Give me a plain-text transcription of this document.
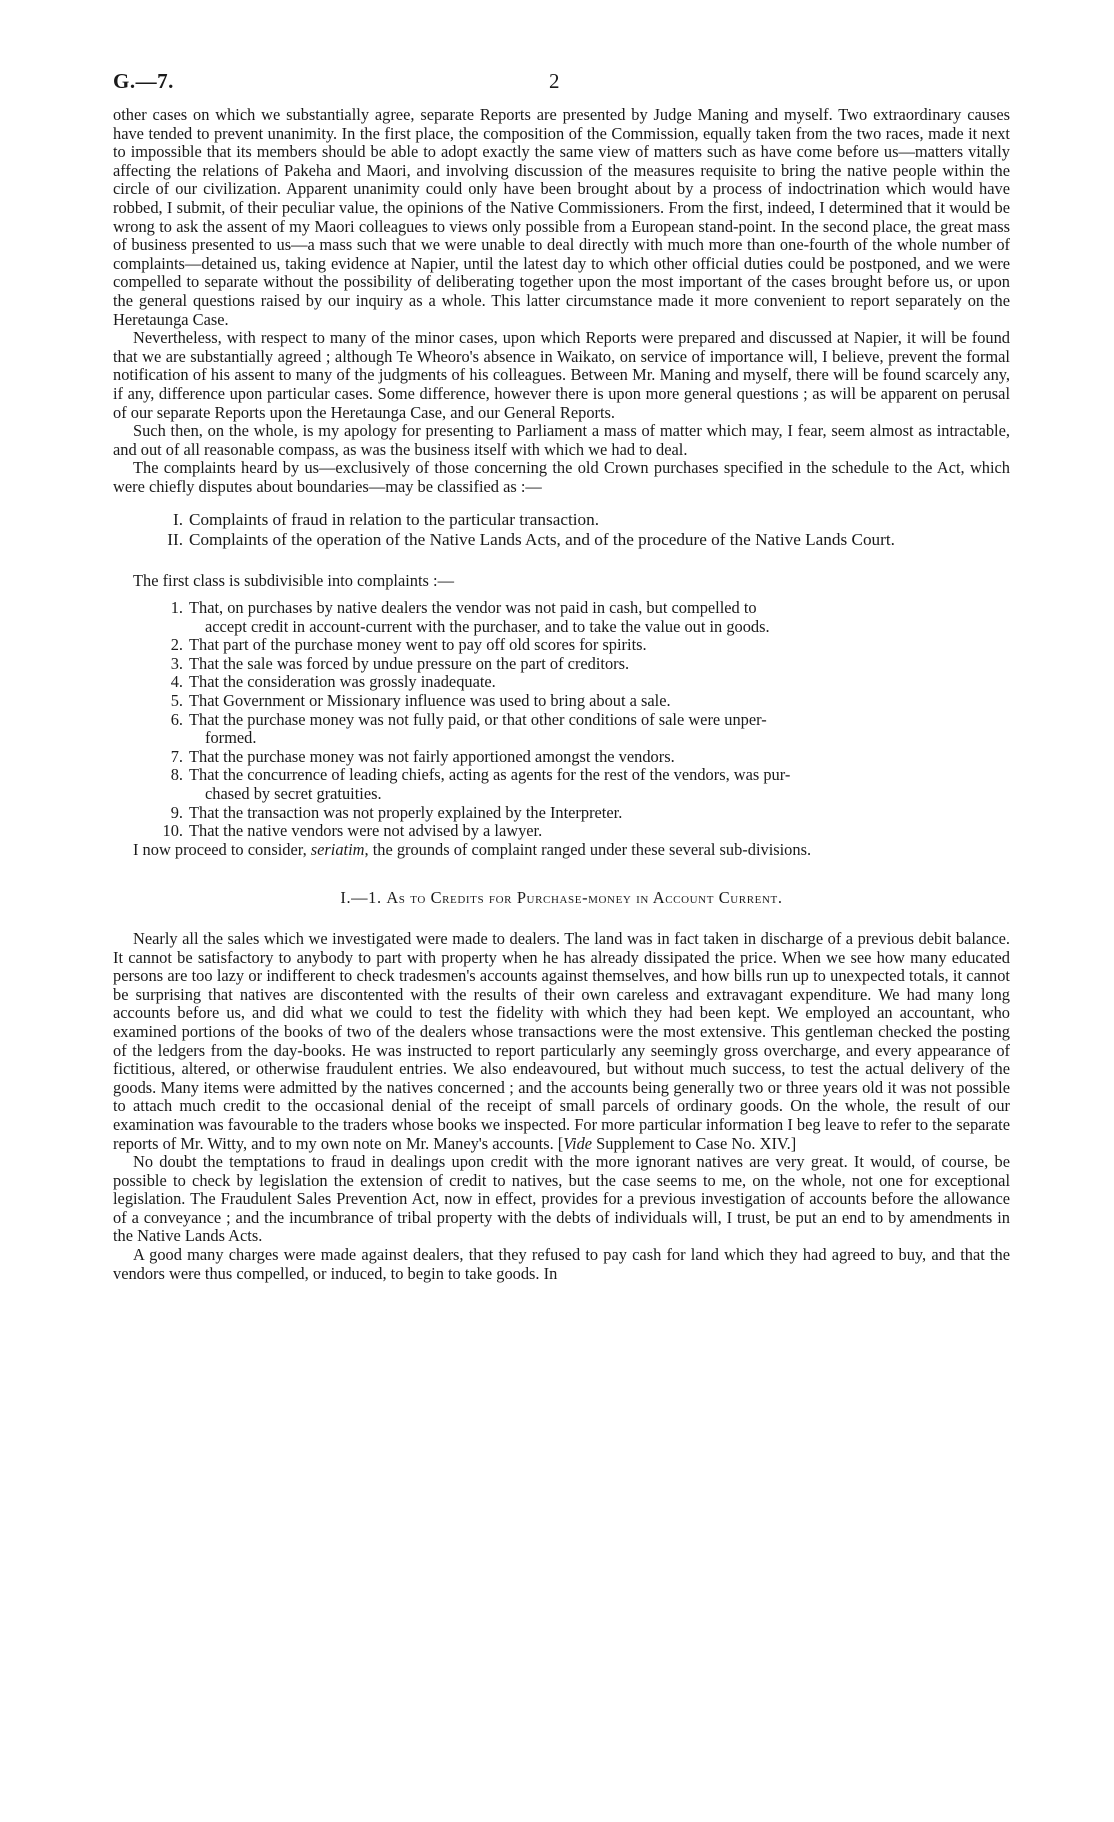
G.—7.	2

other cases on which we substantially agree, separate Reports are presented by Judge Maning and myself. Two extraordinary causes have tended to prevent unanimity. In the first place, the composition of the Commission, equally taken from the two races, made it next to impossible that its members should be able to adopt exactly the same view of matters such as have come before us—matters vitally affecting the relations of Pakeha and Maori, and involving discussion of the measures requisite to bring the native people within the circle of our civilization. Apparent unanimity could only have been brought about by a process of indoctrination which would have robbed, I submit, of their peculiar value, the opinions of the Native Commissioners. From the first, indeed, I determined that it would be wrong to ask the assent of my Maori colleagues to views only possible from a European stand-point. In the second place, the great mass of business presented to us—a mass such that we were unable to deal directly with much more than one-fourth of the whole number of complaints—detained us, taking evidence at Napier, until the latest day to which other official duties could be postponed, and we were compelled to separate without the possibility of deliberating together upon the most important of the cases brought before us, or upon the general questions raised by our inquiry as a whole. This latter circumstance made it more convenient to report separately on the Heretaunga Case.

Nevertheless, with respect to many of the minor cases, upon which Reports were prepared and discussed at Napier, it will be found that we are substantially agreed ; although Te Wheoro's absence in Waikato, on service of importance will, I believe, prevent the formal notification of his assent to many of the judgments of his colleagues. Between Mr. Maning and myself, there will be found scarcely any, if any, difference upon particular cases. Some difference, however there is upon more general questions ; as will be apparent on perusal of our separate Reports upon the Heretaunga Case, and our General Reports.

Such then, on the whole, is my apology for presenting to Parliament a mass of matter which may, I fear, seem almost as intractable, and out of all reasonable compass, as was the business itself with which we had to deal.

The complaints heard by us—exclusively of those concerning the old Crown purchases specified in the schedule to the Act, which were chiefly disputes about boundaries—may be classified as :—

I. Complaints of fraud in relation to the particular transaction.
II. Complaints of the operation of the Native Lands Acts, and of the procedure of the Native Lands Court.

The first class is subdivisible into complaints :—

1. That, on purchases by native dealers the vendor was not paid in cash, but compelled to
accept credit in account-current with the purchaser, and to take the value out in goods.
2. That part of the purchase money went to pay off old scores for spirits.
3. That the sale was forced by undue pressure on the part of creditors.
4. That the consideration was grossly inadequate.
5. That Government or Missionary influence was used to bring about a sale.
6. That the purchase money was not fully paid, or that other conditions of sale were unper-
formed.
7. That the purchase money was not fairly apportioned amongst the vendors.
8. That the concurrence of leading chiefs, acting as agents for the rest of the vendors, was pur-
chased by secret gratuities.
9. That the transaction was not properly explained by the Interpreter.
10. That the native vendors were not advised by a lawyer.

I now proceed to consider, seriatim, the grounds of complaint ranged under these several sub-divisions.

I.—1. As to Credits for Purchase-money in Account Current.

Nearly all the sales which we investigated were made to dealers. The land was in fact taken in discharge of a previous debit balance. It cannot be satisfactory to anybody to part with property when he has already dissipated the price. When we see how many educated persons are too lazy or indifferent to check tradesmen's accounts against themselves, and how bills run up to unexpected totals, it cannot be surprising that natives are discontented with the results of their own careless and extravagant expenditure. We had many long accounts before us, and did what we could to test the fidelity with which they had been kept. We employed an accountant, who examined portions of the books of two of the dealers whose transactions were the most extensive. This gentleman checked the posting of the ledgers from the day-books. He was instructed to report particularly any seemingly gross overcharge, and every appearance of fictitious, altered, or otherwise fraudulent entries. We also endeavoured, but without much success, to test the actual delivery of the goods. Many items were admitted by the natives concerned ; and the accounts being generally two or three years old it was not possible to attach much credit to the occasional denial of the receipt of small parcels of ordinary goods. On the whole, the result of our examination was favourable to the traders whose books we inspected. For more particular information I beg leave to refer to the separate reports of Mr. Witty, and to my own note on Mr. Maney's accounts. [Vide Supplement to Case No. XIV.]

No doubt the temptations to fraud in dealings upon credit with the more ignorant natives are very great. It would, of course, be possible to check by legislation the extension of credit to natives, but the case seems to me, on the whole, not one for exceptional legislation. The Fraudulent Sales Prevention Act, now in effect, provides for a previous investigation of accounts before the allowance of a conveyance ; and the incumbrance of tribal property with the debts of individuals will, I trust, be put an end to by amendments in the Native Lands Acts.

A good many charges were made against dealers, that they refused to pay cash for land which they had agreed to buy, and that the vendors were thus compelled, or induced, to begin to take goods. In
